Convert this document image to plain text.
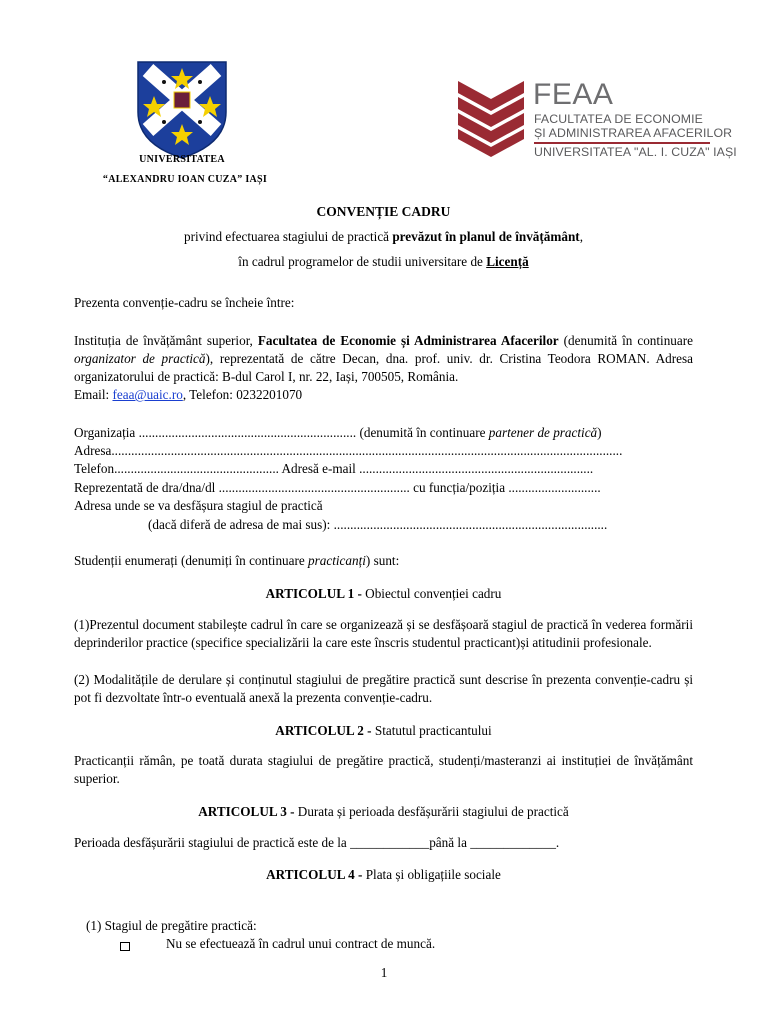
UNIVERSITATEA
“ALEXANDRU IOAN CUZA” IAȘI
FEAA
FACULTATEA DE ECONOMIE
ȘI ADMINISTRAREA AFACERILOR
UNIVERSITATEA "AL. I. CUZA" IAȘI
CONVENȚIE CADRU
privind efectuarea stagiului de practică prevăzut în planul de învățământ,
în cadrul programelor de studii universitare de Licență
Prezenta convenție-cadru se încheie între:
Instituția de învățământ superior, Facultatea de Economie și Administrarea Afacerilor (denumită în continuare organizator de practică), reprezentată de către Decan, dna. prof. univ. dr. Cristina Teodora ROMAN. Adresa organizatorului de practică: B-dul Carol I, nr. 22, Iași, 700505, România.
Email: feaa@uaic.ro, Telefon: 0232201070
Organizația .................................................................. (denumită în continuare partener de practică)
Adresa...........................................................................................................................................................
Telefon.................................................. Adresă e-mail .......................................................................
Reprezentată de dra/dna/dl .......................................................... cu funcția/poziția ............................
Adresa unde se va desfășura stagiul de practică
(dacă diferă de adresa de mai sus): ...................................................................................
Studenții enumerați (denumiți în continuare practicanți) sunt:
ARTICOLUL 1 - Obiectul convenției cadru
(1)Prezentul document stabilește cadrul în care se organizează și se desfășoară stagiul de practică în vederea formării deprinderilor practice (specifice specializării la care este înscris studentul practicant)și atitudinii profesionale.
(2) Modalitățile de derulare și conținutul stagiului de pregătire practică sunt descrise în prezenta convenție-cadru și pot fi dezvoltate într-o eventuală anexă la prezenta convenție-cadru.
ARTICOLUL 2 - Statutul practicantului
Practicanții rămân, pe toată durata stagiului de pregătire practică, studenți/masteranzi ai instituției de învățământ superior.
ARTICOLUL 3 - Durata și perioada desfășurării stagiului de practică
Perioada desfășurării stagiului de practică este de la ____________până la _____________.
ARTICOLUL 4 - Plata și obligațiile sociale
(1) Stagiul de pregătire practică:
Nu se efectuează în cadrul unui contract de muncă.
1
